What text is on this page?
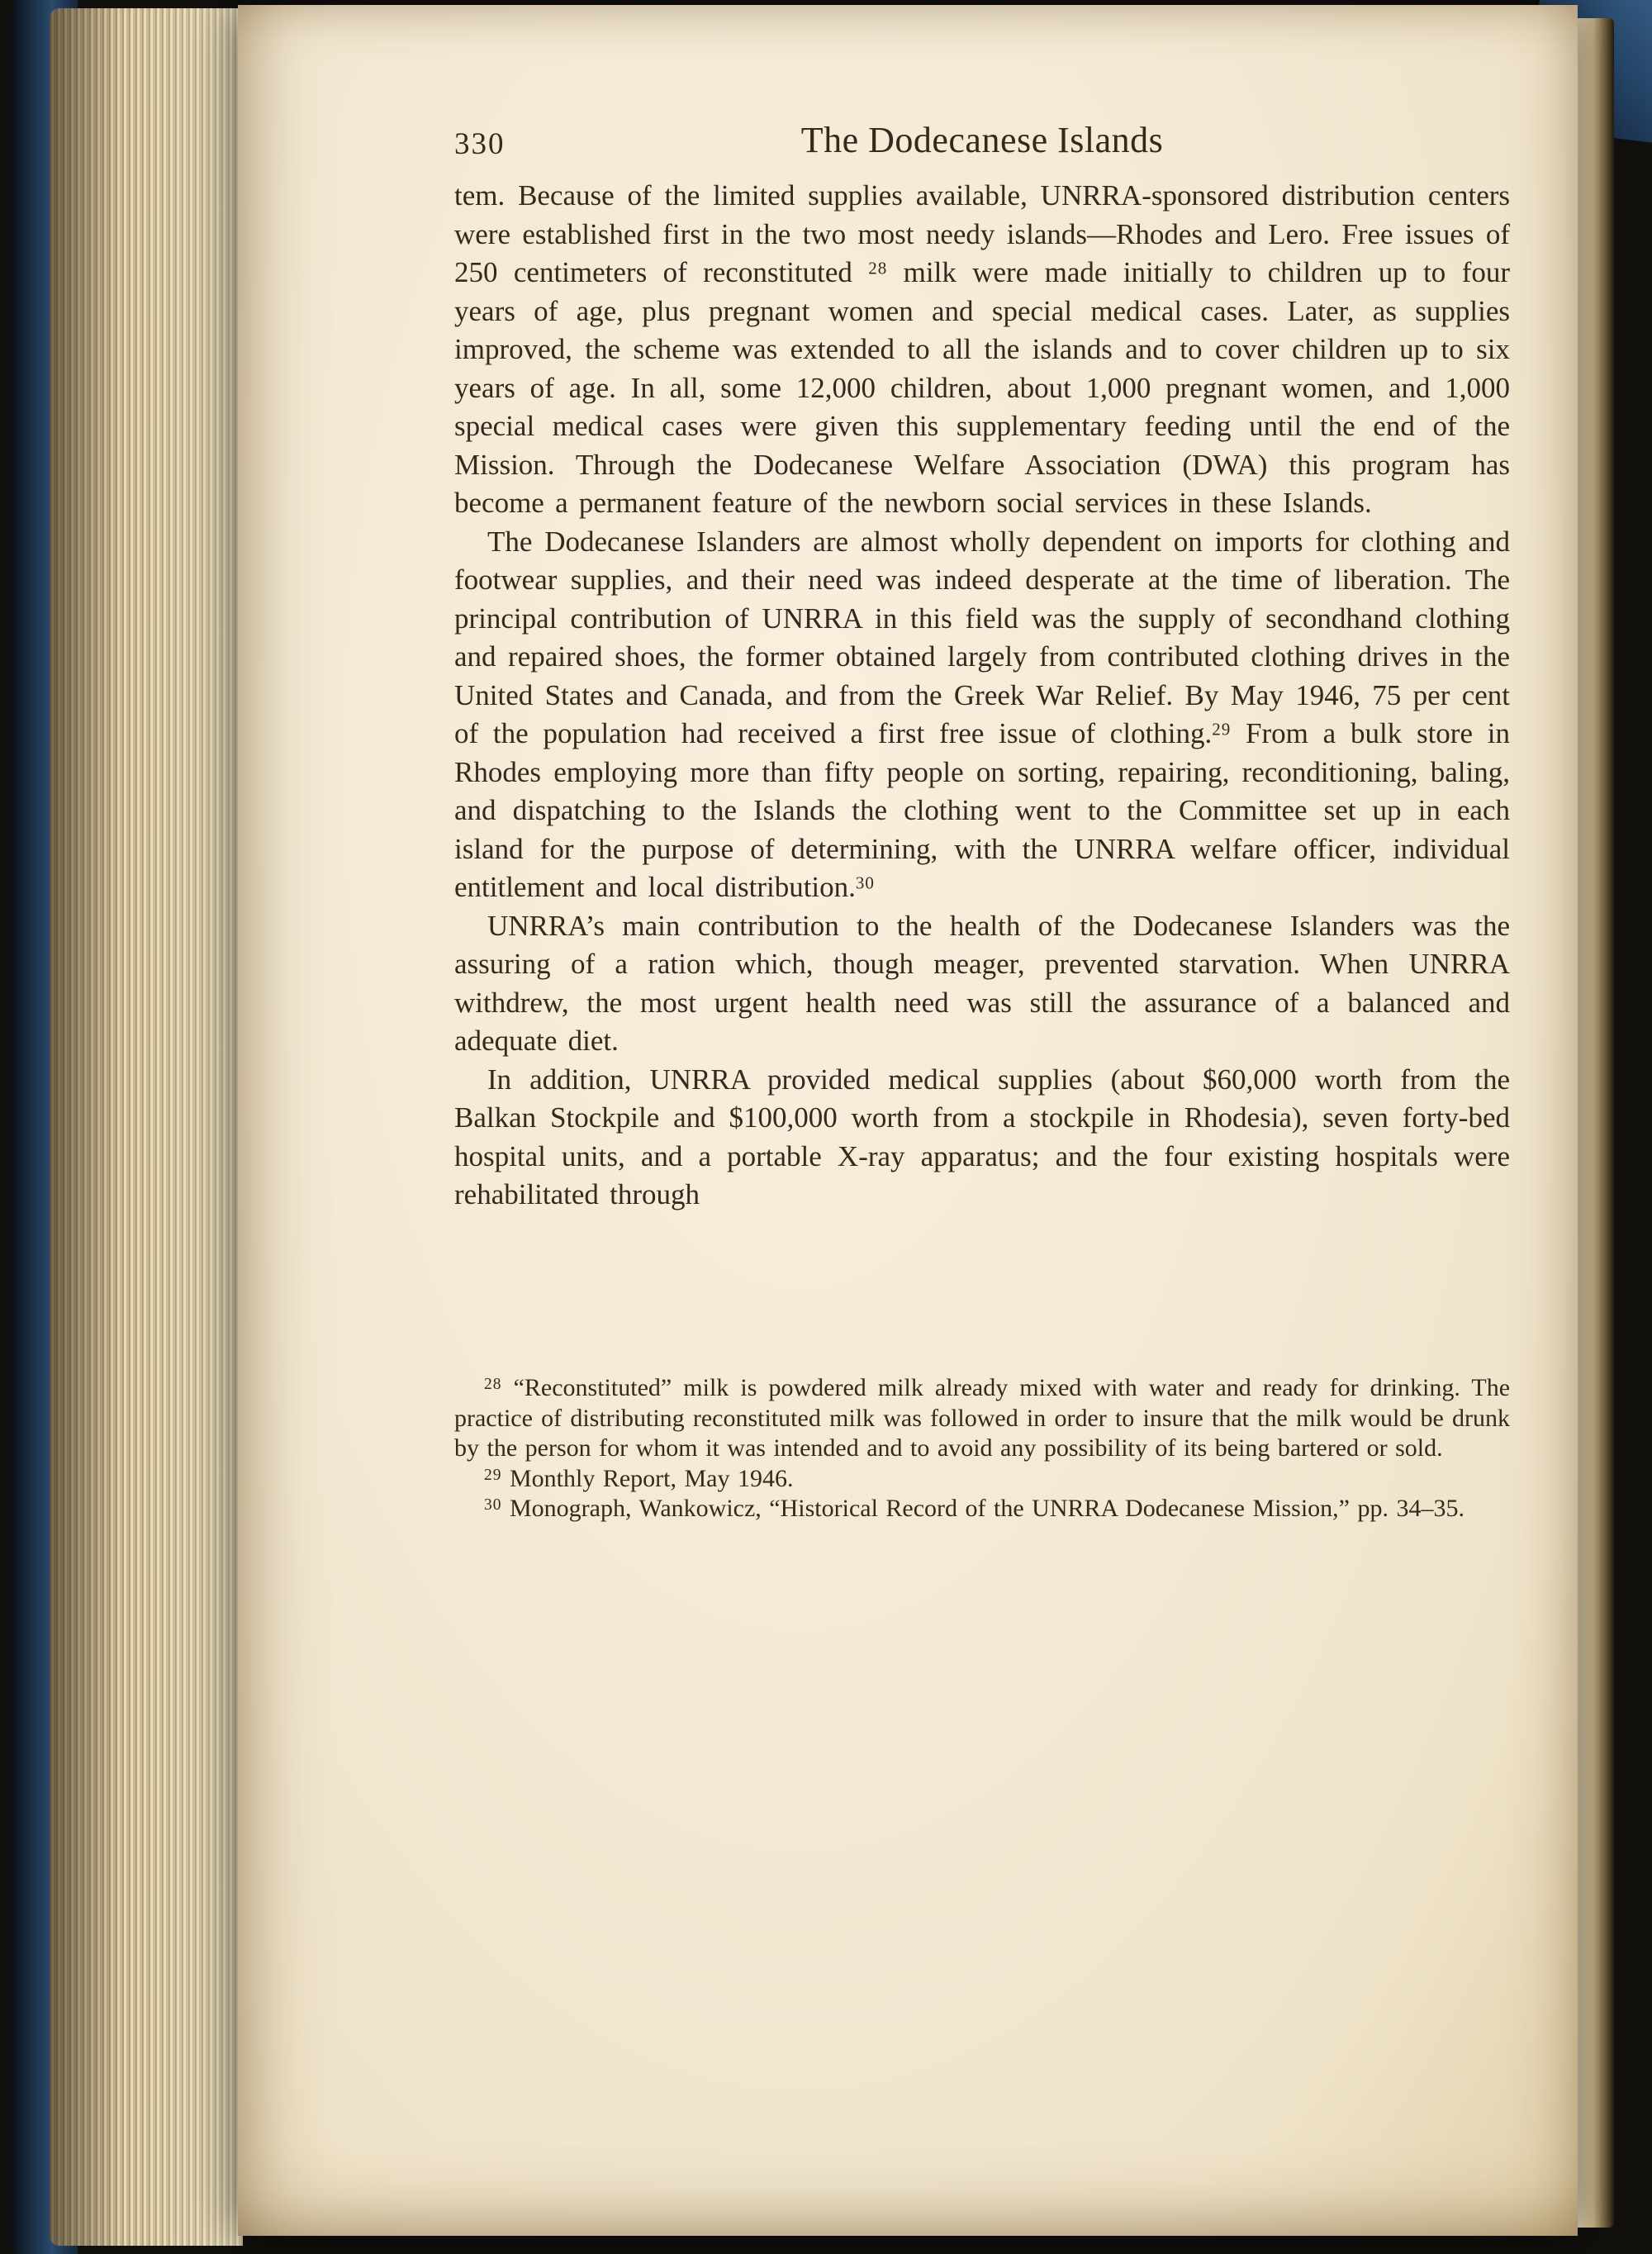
330	The Dodecanese Islands

tem. Because of the limited supplies available, UNRRA-sponsored distribution centers were established first in the two most needy islands—Rhodes and Lero. Free issues of 250 centimeters of reconstituted $^{28}$ milk were made initially to children up to four years of age, plus pregnant women and special medical cases. Later, as supplies improved, the scheme was extended to all the islands and to cover children up to six years of age. In all, some 12,000 children, about 1,000 pregnant women, and 1,000 special medical cases were given this supplementary feeding until the end of the Mission. Through the Dodecanese Welfare Association (DWA) this program has become a permanent feature of the newborn social services in these Islands.

The Dodecanese Islanders are almost wholly dependent on imports for clothing and footwear supplies, and their need was indeed desperate at the time of liberation. The principal contribution of UNRRA in this field was the supply of secondhand clothing and repaired shoes, the former obtained largely from contributed clothing drives in the United States and Canada, and from the Greek War Relief. By May 1946, 75 per cent of the population had received a first free issue of clothing.$^{29}$ From a bulk store in Rhodes employing more than fifty people on sorting, repairing, reconditioning, baling, and dispatching to the Islands the clothing went to the Committee set up in each island for the purpose of determining, with the UNRRA welfare officer, individual entitlement and local distribution.$^{30}$

UNRRA’s main contribution to the health of the Dodecanese Islanders was the assuring of a ration which, though meager, prevented starvation. When UNRRA withdrew, the most urgent health need was still the assurance of a balanced and adequate diet.

In addition, UNRRA provided medical supplies (about $60,000 worth from the Balkan Stockpile and $100,000 worth from a stockpile in Rhodesia), seven forty-bed hospital units, and a portable X-ray apparatus; and the four existing hospitals were rehabilitated through

$^{28}$ “Reconstituted” milk is powdered milk already mixed with water and ready for drinking. The practice of distributing reconstituted milk was followed in order to insure that the milk would be drunk by the person for whom it was intended and to avoid any possibility of its being bartered or sold.

$^{29}$ Monthly Report, May 1946.

$^{30}$ Monograph, Wankowicz, “Historical Record of the UNRRA Dodecanese Mission,” pp. 34–35.
